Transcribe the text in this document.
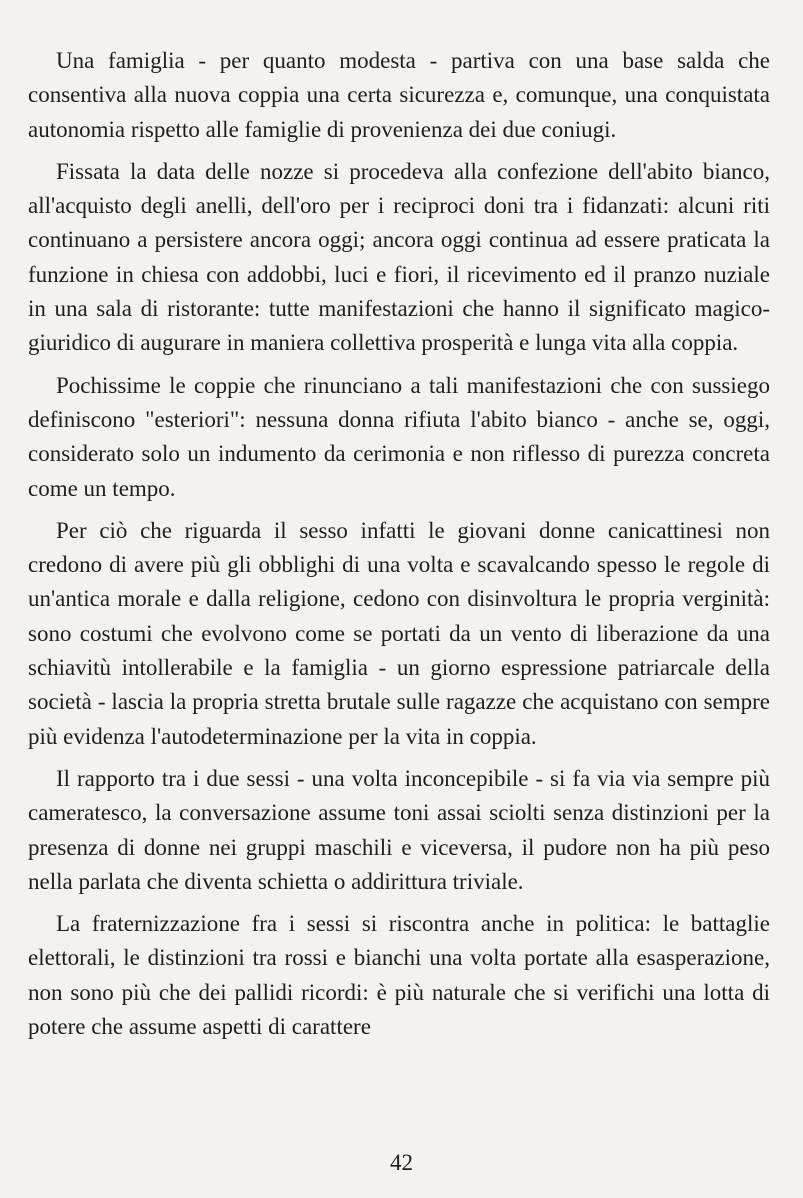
Una famiglia - per quanto modesta - partiva con una base salda che consentiva alla nuova coppia una certa sicurezza e, comunque, una conquistata autonomia rispetto alle famiglie di provenienza dei due coniugi.

Fissata la data delle nozze si procedeva alla confezione dell'abito bianco, all'acquisto degli anelli, dell'oro per i reciproci doni tra i fidanzati: alcuni riti continuano a persistere ancora oggi; ancora oggi continua ad essere praticata la funzione in chiesa con addobbi, luci e fiori, il ricevimento ed il pranzo nuziale in una sala di ristorante: tutte manifestazioni che hanno il significato magico-giuridico di augurare in maniera collettiva prosperità e lunga vita alla coppia.

Pochissime le coppie che rinunciano a tali manifestazioni che con sussiego definiscono "esteriori": nessuna donna rifiuta l'abito bianco - anche se, oggi, considerato solo un indumento da cerimonia e non riflesso di purezza concreta come un tempo.

Per ciò che riguarda il sesso infatti le giovani donne canicattinesi non credono di avere più gli obblighi di una volta e scavalcando spesso le regole di un'antica morale e dalla religione, cedono con disinvoltura le propria verginità: sono costumi che evolvono come se portati da un vento di liberazione da una schiavitù intollerabile e la famiglia - un giorno espressione patriarcale della società - lascia la propria stretta brutale sulle ragazze che acquistano con sempre più evidenza l'autodeterminazione per la vita in coppia.

Il rapporto tra i due sessi - una volta inconcepibile - si fa via via sempre più cameratesco, la conversazione assume toni assai sciolti senza distinzioni per la presenza di donne nei gruppi maschili e viceversa, il pudore non ha più peso nella parlata che diventa schietta o addirittura triviale.

La fraternizzazione fra i sessi si riscontra anche in politica: le battaglie elettorali, le distinzioni tra rossi e bianchi una volta portate alla esasperazione, non sono più che dei pallidi ricordi: è più naturale che si verifichi una lotta di potere che assume aspetti di carattere

42
